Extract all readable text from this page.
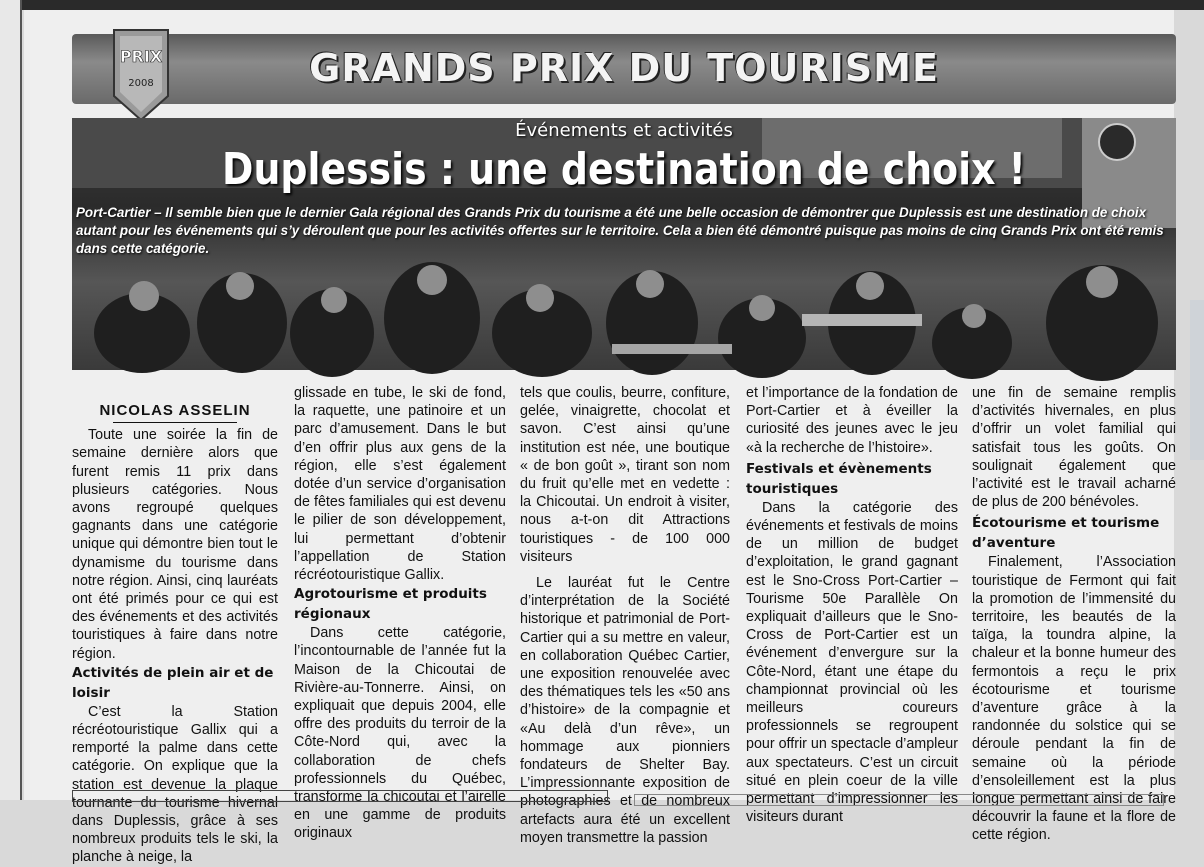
GRANDS PRIX DU TOURISME
PRIX
2008
Événements et activités
Duplessis : une destination de choix !
Port-Cartier – Il semble bien que le dernier Gala régional des Grands Prix du tourisme a été une belle occasion de démontrer que Duplessis est une destination de choix autant pour les événements qui s’y déroulent que pour les activités offertes sur le territoire. Cela a bien été démontré puisque pas moins de cinq Grands Prix ont été remis dans cette catégorie.
NICOLAS ASSELIN

Toute une soirée la fin de semaine dernière alors que furent remis 11 prix dans plusieurs catégories. Nous avons regroupé quelques gagnants dans une catégorie unique qui démontre bien tout le dynamisme du tourisme dans notre région. Ainsi, cinq lauréats ont été primés pour ce qui est des événements et des activités touristiques à faire dans notre région.

Activités de plein air et de loisir

C’est la Station récréotouristique Gallix qui a remporté la palme dans cette catégorie. On explique que la station est devenue la plaque tournante du tourisme hivernal dans Duplessis, grâce à ses nombreux produits tels le ski, la planche à neige, la

glissade en tube, le ski de fond, la raquette, une patinoire et un parc d’amusement. Dans le but d’en offrir plus aux gens de la région, elle s’est également dotée d’un service d’organisation de fêtes familiales qui est devenu le pilier de son développement, lui permettant d’obtenir l’appellation de Station récréotouristique Gallix.

Agrotourisme et produits régionaux

Dans cette catégorie, l’incontournable de l’année fut la Maison de la Chicoutai de Rivière-au-Tonnerre. Ainsi, on expliquait que depuis 2004, elle offre des produits du terroir de la Côte-Nord qui, avec la collaboration de chefs professionnels du Québec, transforme la chicoutai et l’airelle en une gamme de produits originaux

tels que coulis, beurre, confiture, gelée, vinaigrette, chocolat et savon. C’est ainsi qu’une institution est née, une boutique « de bon goût », tirant son nom du fruit qu’elle met en vedette : la Chicoutai. Un endroit à visiter, nous a-t-on dit Attractions touristiques - de 100 000 visiteurs

Le lauréat fut le Centre d’interprétation de la Société historique et patrimonial de Port-Cartier qui a su mettre en valeur, en collaboration Québec Cartier, une exposition renouvelée avec des thématiques tels les «50 ans d’histoire» de la compagnie et «Au delà d’un rêve», un hommage aux pionniers fondateurs de Shelter Bay. L’impressionnante exposition de photographies et de nombreux artefacts aura été un excellent moyen transmettre la passion

et l’importance de la fondation de Port-Cartier et à éveiller la curiosité des jeunes avec le jeu «à la recherche de l’histoire».

Festivals et évènements touristiques

Dans la catégorie des événements et festivals de moins de un million de budget d’exploitation, le grand gagnant est le Sno-Cross Port-Cartier – Tourisme 50e Parallèle On expliquait d’ailleurs que le Sno-Cross de Port-Cartier est un événement d’envergure sur la Côte-Nord, étant une étape du championnat provincial où les meilleurs coureurs professionnels se regroupent pour offrir un spectacle d’ampleur aux spectateurs. C’est un circuit situé en plein coeur de la ville permettant d’impressionner les visiteurs durant

une fin de semaine remplis d’activités hivernales, en plus d’offrir un volet familial qui satisfait tous les goûts. On soulignait également que l’activité est le travail acharné de plus de 200 bénévoles.

Écotourisme et tourisme d’aventure

Finalement, l’Association touristique de Fermont qui fait la promotion de l’immensité du territoire, les beautés de la taïga, la toundra alpine, la chaleur et la bonne humeur des fermontois a reçu le prix écotourisme et tourisme d’aventure grâce à la randonnée du solstice qui se déroule pendant la fin de semaine où la période d’ensoleillement est la plus longue permettant ainsi de faire découvrir la faune et la flore de cette région.
